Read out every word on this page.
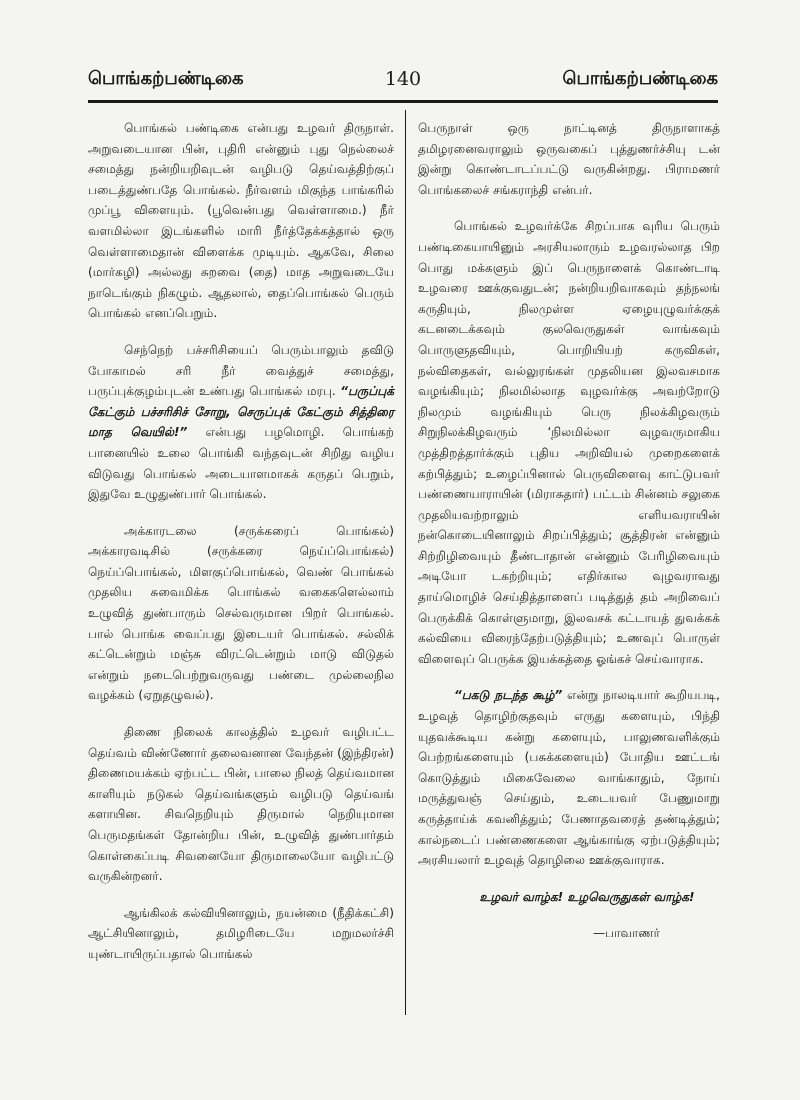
பொங்கற்பண்டிகை	140	பொங்கற்பண்டிகை

பொங்கல் பண்டிகை என்பது உழவர் திருநாள். அறுவடையான பின், புதிரி என்னும் புது நெல்லைச் சமைத்து நன்றியறிவுடன் வழிபடு தெய்வத்திற்குப் படைத்துண்பதே பொங்கல். நீர்வளம் மிகுந்த பாங்கரில் முப்பூ விளையும். (பூவென்பது வெள்ளாமை.) நீர் வளமில்லா இடங்களில் மாரி நீர்த்தேக்கத்தால் ஒரு வெள்ளாமைதான் விளைக்க முடியும். ஆகவே, சிலை (மார்கழி) அல்லது சுறவை (தை) மாத அறுவடையே நாடெங்கும் நிகழும். ஆதலால், தைப்பொங்கல் பெரும் பொங்கல் எனப்பெறும்.

செந்நெற் பச்சரிசியைப் பெரும்பாலும் தவிடு போகாமல் சரி நீர் வைத்துச் சமைத்து, பருப்புக்குழம்புடன் உண்பது பொங்கல் மரபு. “பருப்புக் கேட்கும் பச்சரிசிச் சோறு, செருப்புக் கேட்கும் சித்திரை மாத வெயில்!” என்பது பழமொழி. பொங்கற் பானையில் உலை பொங்கி வந்தவுடன் சிறிது வழிய விடுவது பொங்கல் அடையாளமாகக் கருதப் பெறும், இதுவே உழுதுண்பார் பொங்கல்.

அக்காரடலை (சருக்கரைப் பொங்கல்) அக்காரவடிசில் (சருக்கரை நெய்ப்பொங்கல்) நெய்ப்பொங்கல், மிளகுப்பொங்கல், வெண் பொங்கல் முதலிய சுவைமிக்க பொங்கல் வகைகளெல்லாம் உழுவித் துண்பாரும் செல்வருமான பிறர் பொங்கல். பால் பொங்க வைப்பது இடையர் பொங்கல். சல்லிக் கட்டென்றும் மஞ்சு விரட்டென்றும் மாடு விடுதல் என்றும் நடைபெற்றுவருவது பண்டை முல்லைநில வழக்கம் (ஏறுதழுவல்).

திணை நிலைக் காலத்தில் உழவர் வழிபட்ட தெய்வம் விண்ணோர் தலைவனான வேந்தன் (இந்திரன்) திணைமயக்கம் ஏற்பட்ட பின், பாலை நிலத் தெய்வமான காளியும் நடுகல் தெய்வங்களும் வழிபடு தெய்வங் களாயின. சிவநெறியும் திருமால் நெறியுமான பெருமதங்கள் தோன்றிய பின், உழுவித் துண்பார்தம் கொள்கைப்படி சிவனையோ திருமாலையோ வழிபட்டு வருகின்றனர்.

ஆங்கிலக் கல்வியினாலும், நயன்மை (நீதிக்கட்சி) ஆட்சியினாலும், தமிழரிடையே மறுமலர்ச்சி யுண்டாயிருப்பதால் பொங்கல்

பெருநாள் ஒரு நாட்டினத் திருநாளாகத் தமிழரனைவராலும் ஒருவகைப் புத்துணர்ச்சியு டன் இன்று கொண்டாடப்பட்டு வருகின்றது. பிராமணர் பொங்கலைச் சங்கராந்தி என்பர்.

பொங்கல் உழவர்க்கே சிறப்பாக வுரிய பெரும் பண்டிகையாயினும் அரசியலாரும் உழவரல்லாத பிற பொது மக்களும் இப் பெருநாளைக் கொண்டாடி உழவரை ஊக்குவதுடன்; நன்றியறிவாகவும் தந்நலங் கருதியும், நிலமுள்ள ஏழையுழுவர்க்குக் கடனடைக்கவும் குலவெருதுகள் வாங்கவும் பொருளுதவியும், பொறியியற் கருவிகள், நல்விதைகள், வல்லுரங்கள் முதலியன இலவசமாக வழங்கியும்; நிலமில்லாத வுழவர்க்கு அவற்றோடு நிலமும் வழங்கியும் பெரு நிலக்கிழவரும் சிறுநிலக்கிழவரும் ‘நிலமில்லா வுழவருமாகிய முத்திறத்தார்க்கும் புதிய அறிவியல் முறைகளைக் கற்பித்தும்; உழைப்பினால் பெருவிளைவு காட்டுபவர் பண்ணையாராயின் (மிராசுதார்) பட்டம் சின்னம் சலுகை முதலியவற்றாலும் எளியவராயின் நன்கொடையினாலும் சிறப்பித்தும்; சூத்திரன் என்னும் சிற்றிழிவையும் தீண்டாதான் என்னும் பேரிழிவையும் அடியோ டகற்றியும்; எதிர்கால வுழவராவது தாய்மொழிச் செய்தித்தாளைப் படித்துத் தம் அறிவைப் பெருக்கிக் கொள்ளுமாறு, இலவசக் கட்டாயத் துவக்கக் கல்வியை விரைந்தேற்படுத்தியும்; உணவுப் பொருள் விளைவுப் பெருக்க இயக்கத்தை ஓங்கச் செய்வாராக.

“பகடு நடந்த கூழ்” என்று நாலடியார் கூறியபடி, உழவுத் தொழிற்குதவும் எருது களையும், பிந்தி யுதவக்கூடிய கன்று களையும், பாலுணவளிக்கும் பெற்றங்களையும் (பசுக்களையும்) போதிய ஊட்டங் கொடுத்தும் மிகைவேலை வாங்காதும், நோய் மருத்துவஞ் செய்தும், உடையவர் பேணுமாறு கருத்தாய்க் கவனித்தும்; பேணாதவரைத் தண்டித்தும்; கால்நடைப் பண்ணைகளை ஆங்காங்கு ஏற்படுத்தியும்; அரசியலார் உழவுத் தொழிலை ஊக்குவாராக.

உழவர் வாழ்க! உழவெருதுகள் வாழ்க!

—பாவாணர்
